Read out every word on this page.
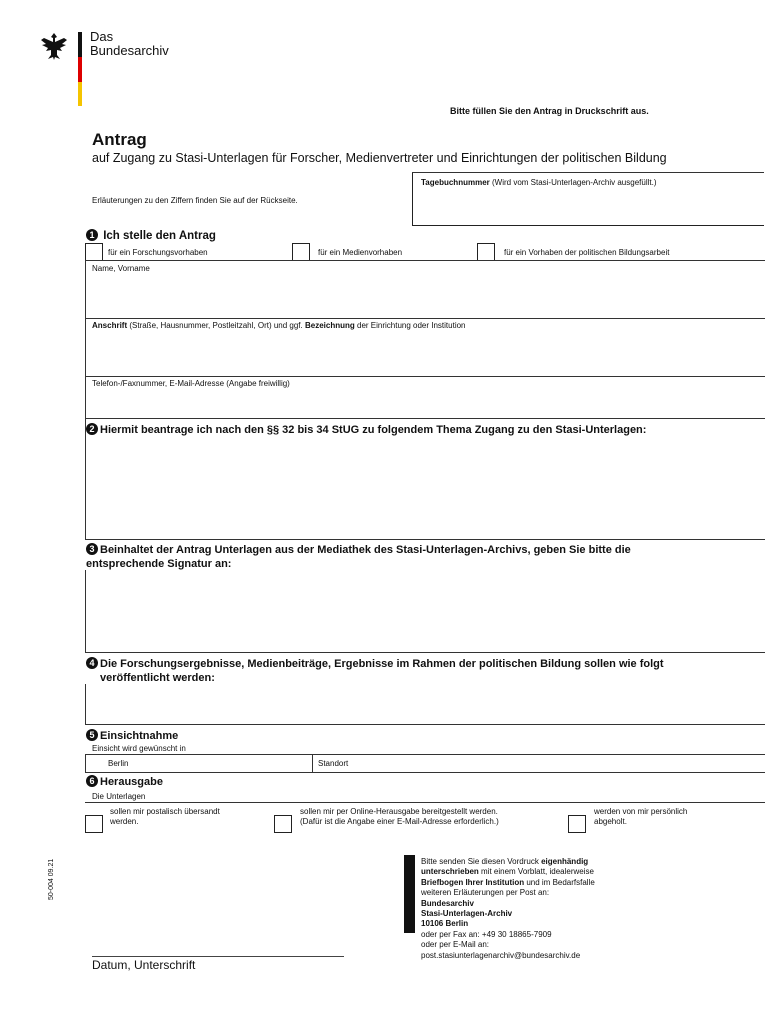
Das
Bundesarchiv
Bitte füllen Sie den Antrag in Druckschrift aus.
Antrag
auf Zugang zu Stasi-Unterlagen für Forscher, Medienvertreter und Einrichtungen der politischen Bildung
Erläuterungen zu den Ziffern finden Sie auf der Rückseite.
Tagebuchnummer (Wird vom Stasi-Unterlagen-Archiv ausgefüllt.)
1 Ich stelle den Antrag
für ein Forschungsvorhaben	für ein Medienvorhaben	für ein Vorhaben der politischen Bildungsarbeit
Name, Vorname
Anschrift (Straße, Hausnummer, Postleitzahl, Ort) und ggf. Bezeichnung der Einrichtung oder Institution
Telefon-/Faxnummer, E-Mail-Adresse (Angabe freiwillig)
2 Hiermit beantrage ich nach den §§ 32 bis 34 StUG zu folgendem Thema Zugang zu den Stasi-Unterlagen:
3 Beinhaltet der Antrag Unterlagen aus der Mediathek des Stasi-Unterlagen-Archivs, geben Sie bitte die
entsprechende Signatur an:
4 Die Forschungsergebnisse, Medienbeiträge, Ergebnisse im Rahmen der politischen Bildung sollen wie folgt
veröffentlicht werden:
5 Einsichtnahme
Einsicht wird gewünscht in
Berlin	Standort
6 Herausgabe
Die Unterlagen
sollen mir postalisch übersandt
werden.
sollen mir per Online-Herausgabe bereitgestellt werden.
(Dafür ist die Angabe einer E-Mail-Adresse erforderlich.)
werden von mir persönlich
abgeholt.
50-004 09.21
Datum, Unterschrift
Bitte senden Sie diesen Vordruck eigenhändig
unterschrieben mit einem Vorblatt, idealerweise
Briefbogen Ihrer Institution und im Bedarfsfalle
weiteren Erläuterungen per Post an:
Bundesarchiv
Stasi-Unterlagen-Archiv
10106 Berlin
oder per Fax an: +49 30 18865-7909
oder per E-Mail an:
post.stasiunterlagenarchiv@bundesarchiv.de
